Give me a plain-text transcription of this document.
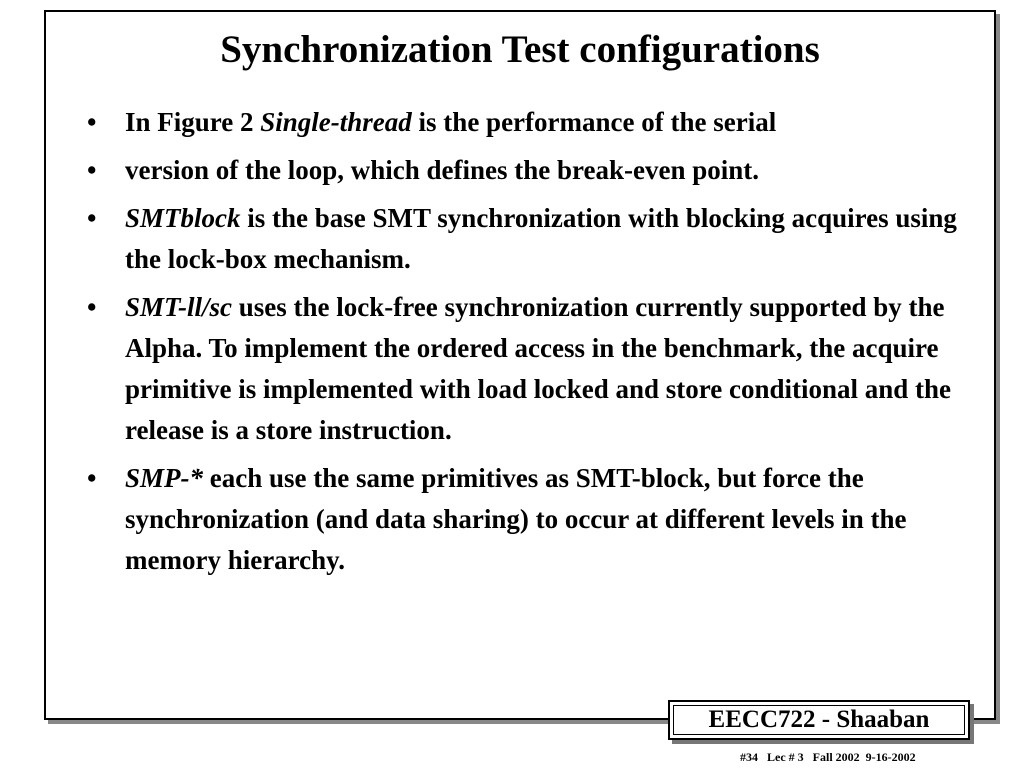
Synchronization Test configurations
• In Figure 2 Single-thread is the performance of the serial
• version of the loop, which defines the break-even point.
• SMTblock is the base SMT synchronization with blocking acquires using the lock-box mechanism.
• SMT-ll/sc uses the lock-free synchronization currently supported by the Alpha. To implement the ordered access in the benchmark, the acquire primitive is implemented with load locked and store conditional and the release is a store instruction.
• SMP-* each use the same primitives as SMT-block, but force the synchronization (and data sharing) to occur at different levels in the memory hierarchy.
EECC722 - Shaaban
#34   Lec # 3   Fall 2002  9-16-2002
